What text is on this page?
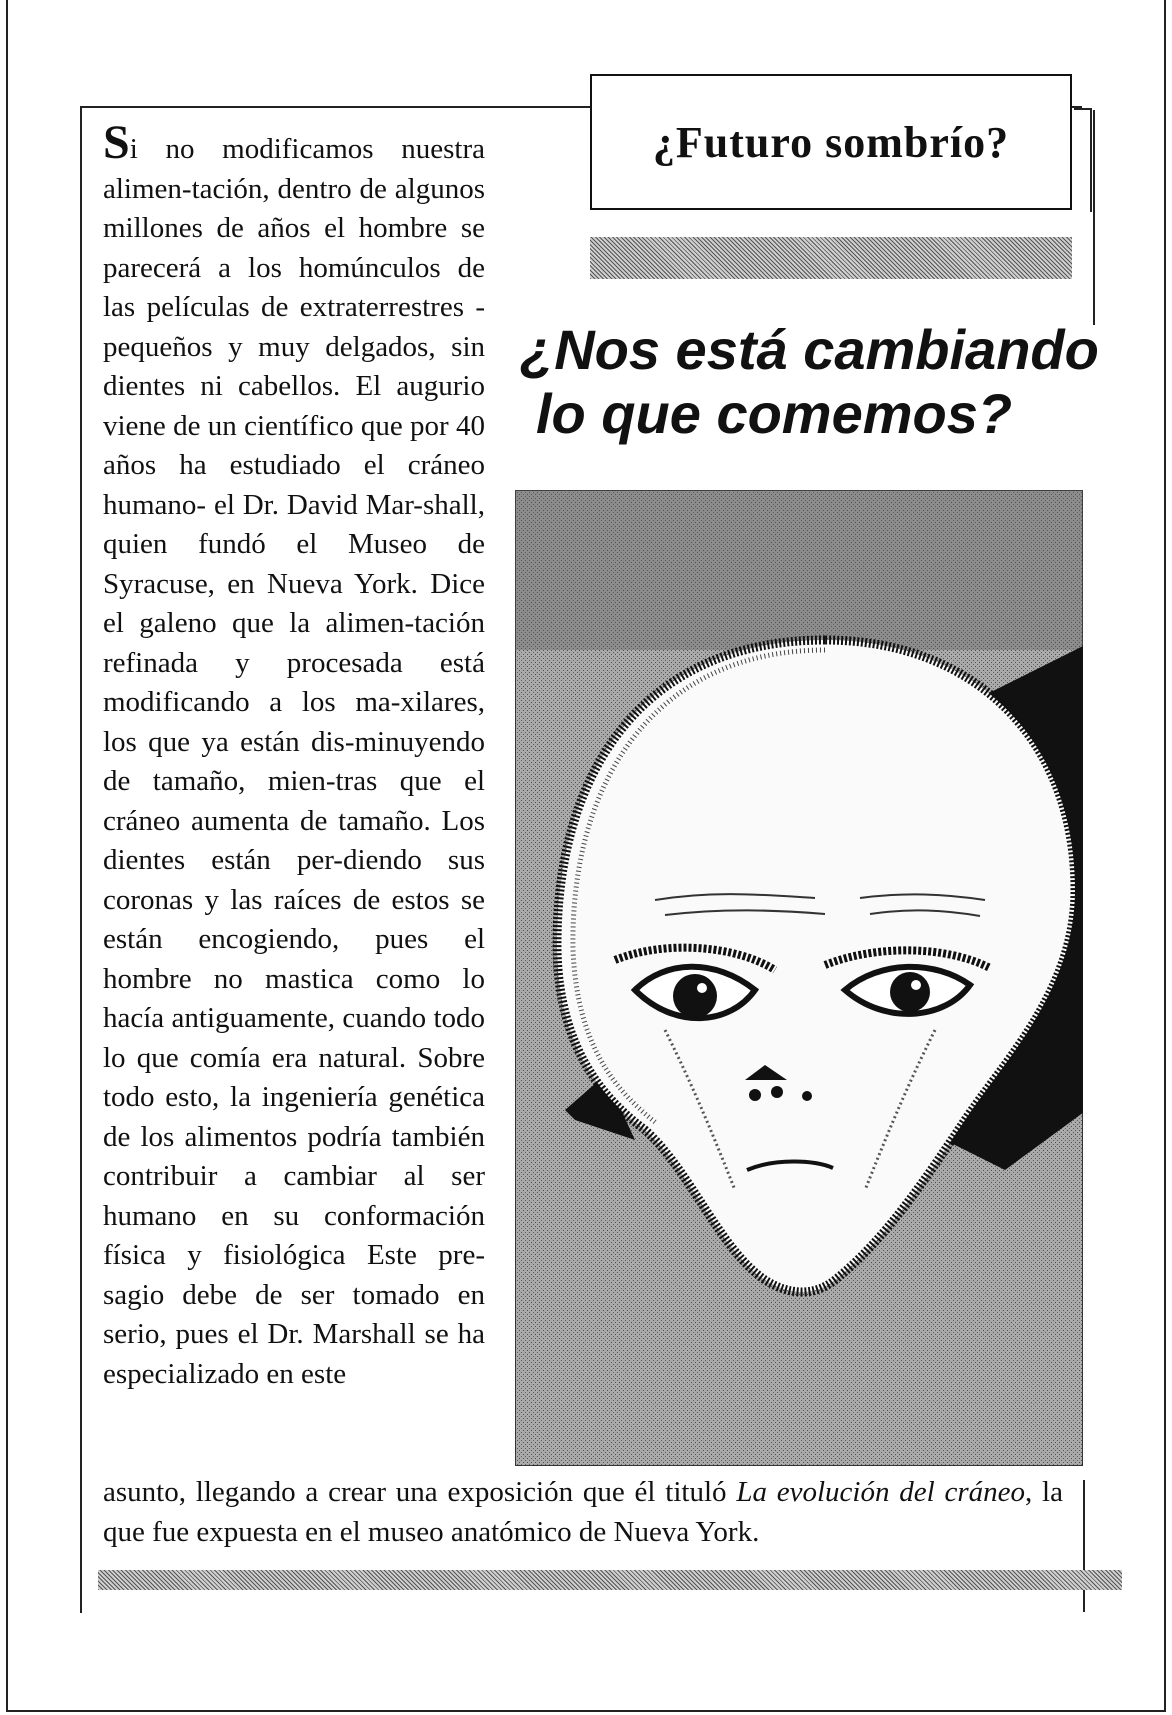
¿Futuro sombrío?
¿Nos está cambiando
lo que comemos?
Si no modificamos nuestra alimen-tación, dentro de algunos millones de años el hombre se parecerá a los homúnculos de las películas de extraterrestres - pequeños y muy delgados, sin dientes ni cabellos. El augurio viene de un científico que por 40 años ha estudiado el cráneo humano- el Dr. David Mar-shall, quien fundó el Museo de Syracuse, en Nueva York. Dice el galeno que la alimen-tación refinada y procesada está modificando a los ma-xilares, los que ya están dis-minuyendo de tamaño, mien-tras que el cráneo aumenta de tamaño. Los dientes están per-diendo sus coronas y las raíces de estos se están encogiendo, pues el hombre no mastica como lo hacía antiguamente, cuando todo lo que comía era natural. Sobre todo esto, la ingeniería genética de los alimentos podría también contribuir a cambiar al ser humano en su conformación física y fisiológica Este pre-sagio debe de ser tomado en serio, pues el Dr. Marshall se ha especializado en este
asunto, llegando a crear una exposición que él tituló La evolución del cráneo, la que fue expuesta en el museo anatómico de Nueva York.
